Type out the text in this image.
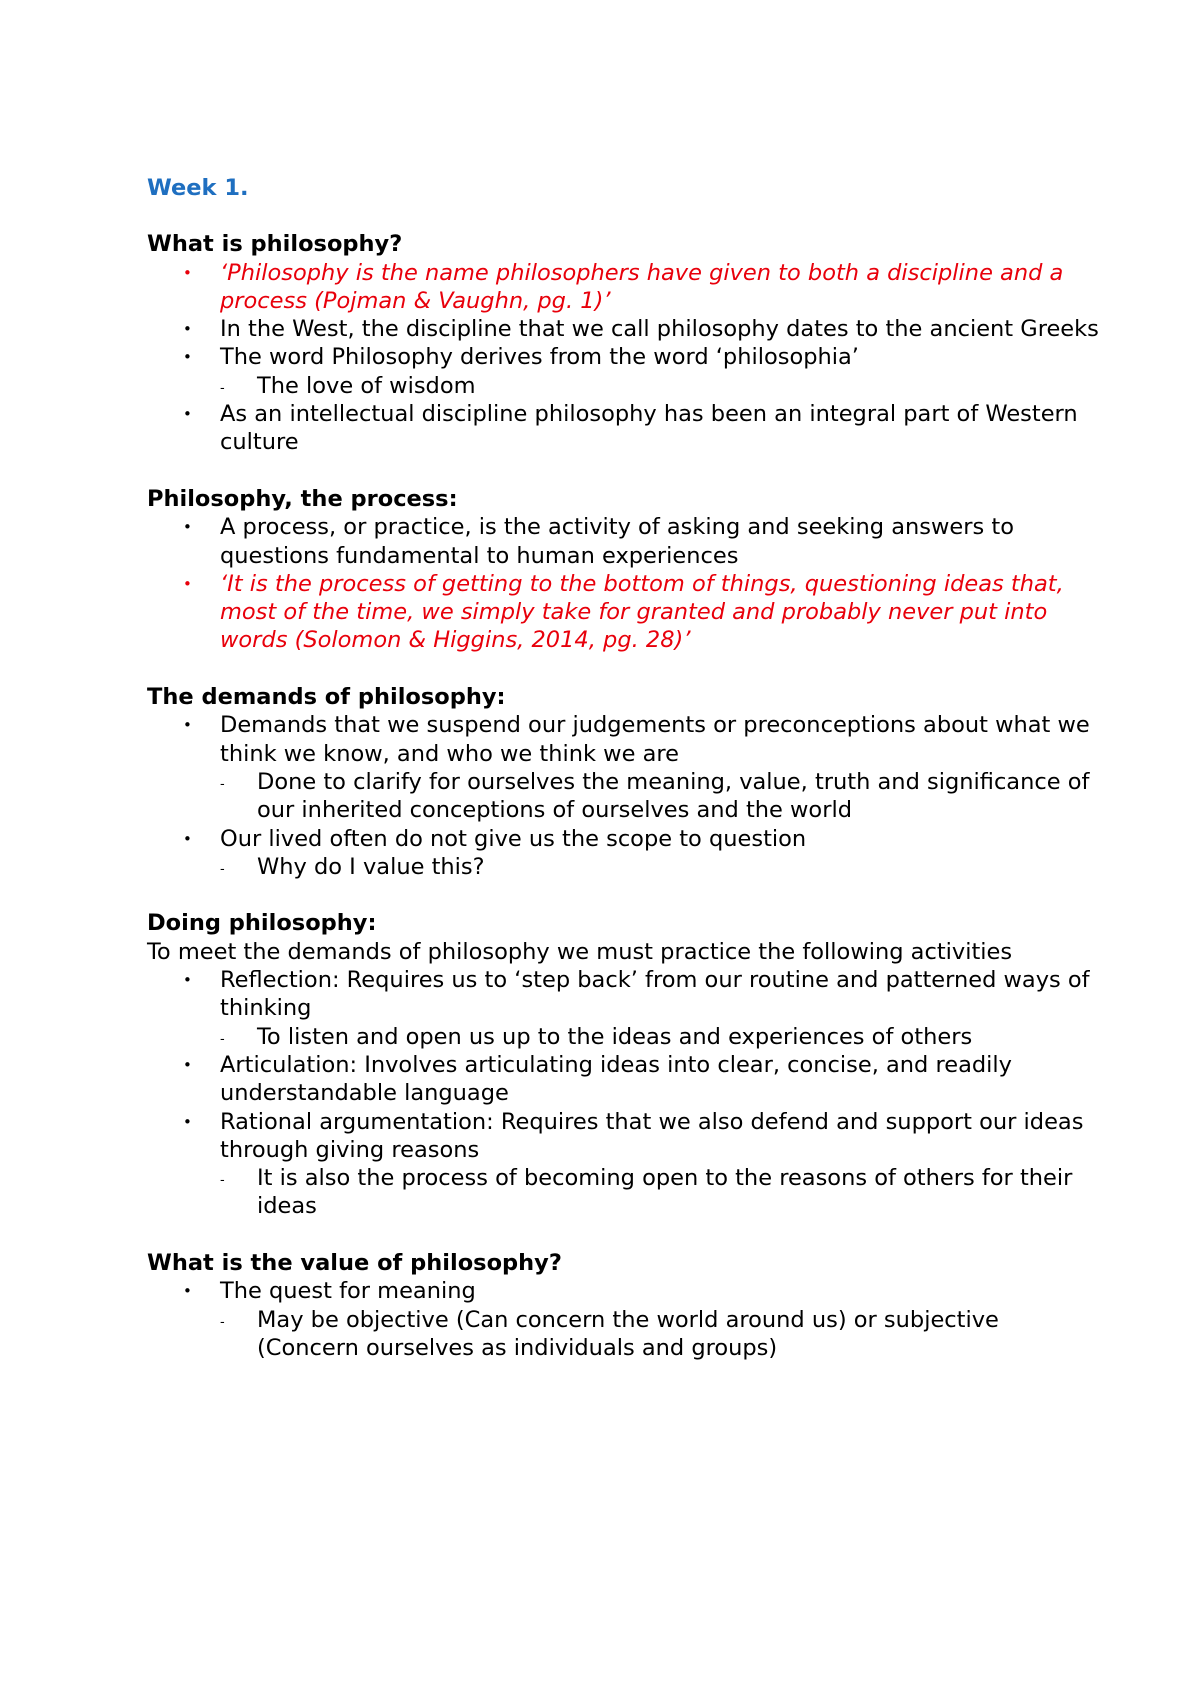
Week 1.
What is philosophy?
• ‘Philosophy is the name philosophers have given to both a discipline and a process (Pojman & Vaughn, pg. 1)’
• In the West, the discipline that we call philosophy dates to the ancient Greeks
• The word Philosophy derives from the word ‘philosophia’
- The love of wisdom
• As an intellectual discipline philosophy has been an integral part of Western culture
Philosophy, the process:
• A process, or practice, is the activity of asking and seeking answers to questions fundamental to human experiences
• ‘It is the process of getting to the bottom of things, questioning ideas that, most of the time, we simply take for granted and probably never put into words (Solomon & Higgins, 2014, pg. 28)’
The demands of philosophy:
• Demands that we suspend our judgements or preconceptions about what we think we know, and who we think we are
- Done to clarify for ourselves the meaning, value, truth and significance of our inherited conceptions of ourselves and the world
• Our lived often do not give us the scope to question
- Why do I value this?
Doing philosophy:
To meet the demands of philosophy we must practice the following activities
• Reflection: Requires us to ‘step back’ from our routine and patterned ways of thinking
- To listen and open us up to the ideas and experiences of others
• Articulation: Involves articulating ideas into clear, concise, and readily understandable language
• Rational argumentation: Requires that we also defend and support our ideas through giving reasons
- It is also the process of becoming open to the reasons of others for their ideas
What is the value of philosophy?
• The quest for meaning
- May be objective (Can concern the world around us) or subjective (Concern ourselves as individuals and groups)
